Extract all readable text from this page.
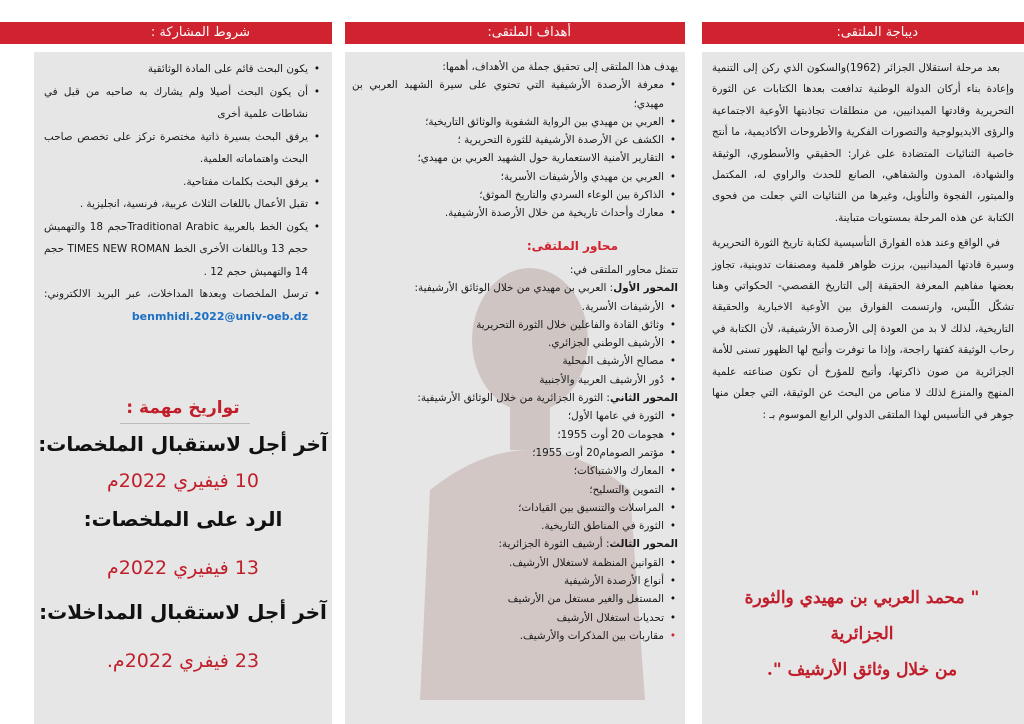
ديباجة الملتقى:
أهداف الملتقى:
شروط المشاركة :
بعد مرحلة استقلال الجزائر (1962)والسكون الذي ركن إلى التنمية وإعادة بناء أركان الدولة الوطنية تدافعت بعدها الكتابات عن الثورة التحريرية وقادتها الميدانيين، من منطلقات تجاذبتها الأوعية الاجتماعية والرؤى الايديولوجية والتصورات الفكرية والأطروحات الأكاديمية، ما أنتج خاصية الثنائيات المتضادة على غرار: الحقيقي والأسطوري، الوثيقة والشهادة، المدون والشفاهي، الصانع للحدث والراوي له، المكتمل والمبتور، الفجوة والتأويل، وغيرها من الثنائيات التي جعلت من فحوى الكتابة عن هذه المرحلة بمستويات متباينة.
في الواقع وعند هذه الفوارق التأسيسية لكتابة تاريخ الثورة التحريرية وسيرة قادتها الميدانيين، برزت ظواهر قلمية ومصنفات تدوينية، تجاوز بعضها مفاهيم المعرفة الحقيقة إلى التاريخ القصصي- الحكواتي وهنا تشكّل اللّبس، وارتسمت الفوارق بين الأوعية الاخبارية والحقيقة التاريخية، لذلك لا بد من العودة إلى الأرصدة الأرشيفية، لأن الكتابة في رحاب الوثيقة كفتها راجحة، وإذا ما توفرت وأتيح لها الظهور تسنى للأمة الجزائرية من صون ذاكرتها، وأتيح للمؤرخ أن تكون صناعته علمية المنهج والمنزع لذلك لا مناص من البحث عن الوثيقة، التي جعلن منها جوهر في التأسيس لهذا الملتقى الدولي الرابع الموسوم بـ :
" محمد العربي بن مهيدي والثورة الجزائرية
من خلال وثائق الأرشيف ".
يهدف هذا الملتقى إلى تحقيق جملة من الأهداف، أهمها:
• معرفة الأرصدة الأرشيفية التي تحتوي على سيرة الشهيد العربي بن مهيدي؛
• العربي بن مهيدي بين الرواية الشفوية والوثائق التاريخية؛
• الكشف عن الأرصدة الأرشيفية للثورة التحريرية ؛
• التقارير الأمنية الاستعمارية حول الشهيد العربي بن مهيدي؛
• العربي بن مهيدي والأرشيفات الأسرية؛
• الذاكرة بين الوعاء السردي والتاريخ الموثق؛
• معارك وأحداث تاريخية من خلال الأرصدة الأرشيفية.
محاور الملتقى:
تتمثل محاور الملتقى في:
المحور الأول: العربي بن مهيدي من خلال الوثائق الأرشيفية:
• الأرشيفات الأسرية.
• وثائق القادة والفاعلين خلال الثورة التحريرية
• الأرشيف الوطني الجزائري.
• مصالح الأرشيف المحلية
• دُور الأرشيف العربية والأجنبية
المحور الثاني: الثورة الجزائرية من خلال الوثائق الأرشيفية:
• الثورة في عامها الأول؛
• هجومات 20 أوت 1955؛
• مؤتمر الصومام20 أوت 1955؛
• المعارك والاشتباكات؛
• التموين والتسليح؛
• المراسلات والتنسيق بين القيادات؛
• الثورة في المناطق التاريخية.
المحور الثالث: أرشيف الثورة الجزائرية:
• القوانين المنظمة لاستغلال الأرشيف.
• أنواع الأرصدة الأرشيفية
• المستغل والغير مستغل من الأرشيف
• تحديات استغلال الأرشيف
• مقاربات بين المذكرات والأرشيف.
• يكون البحث قائم على المادة الوثائقية
• أن يكون البحث أصيلا ولم يشارك به صاحبه من قبل في نشاطات علمية أخرى
• يرفق البحث بسيرة ذاتية مختصرة تركز على تخصص صاحب البحث واهتماماته العلمية.
• يرفق البحث بكلمات مفتاحية.
• تقبل الأعمال باللغات الثلاث عربية، فرنسية، انجليزية .
• يكون الخط بالعربية Traditional Arabicحجم 18 والتهميش حجم 13 وباللغات الأخرى الخط TIMES NEW ROMAN حجم 14 والتهميش حجم 12 .
• ترسل الملخصات وبعدها المداخلات، عبر البريد الالكتروني: benmhidi.2022@univ-oeb.dz
تواريخ مهمة :
آخر أجل لاستقبال الملخصات:
10 فيفيري 2022م
الرد على الملخصات:
13 فيفيري 2022م
آخر أجل لاستقبال المداخلات:
23 فيفري 2022م.
